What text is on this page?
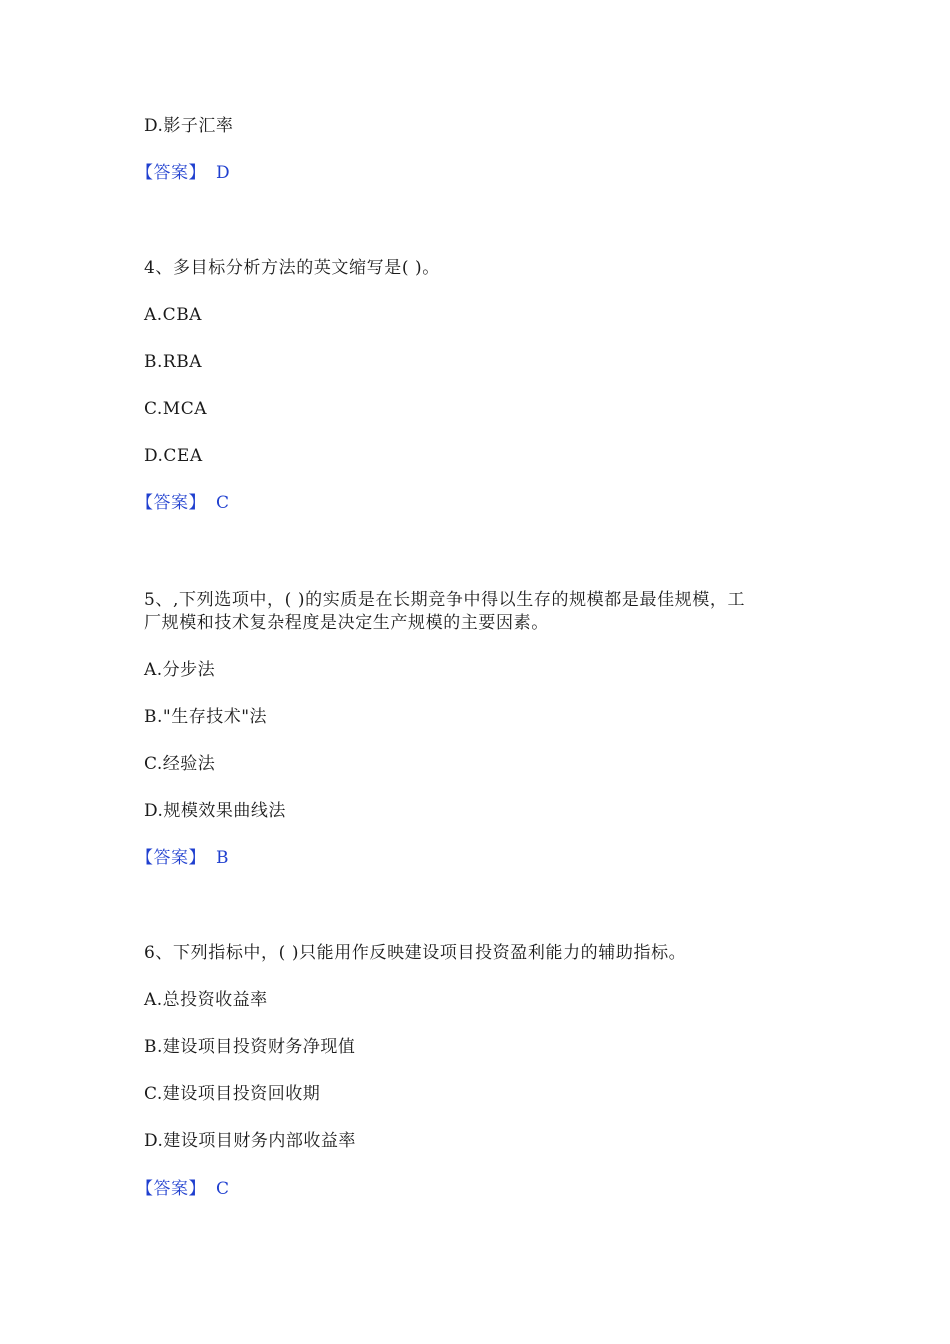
D.影子汇率
【答案】 D
4、多目标分析方法的英文缩写是( )。
A.CBA
B.RBA
C.MCA
D.CEA
【答案】 C
5、,下列选项中，( )的实质是在长期竞争中得以生存的规模都是最佳规模，工
厂规模和技术复杂程度是决定生产规模的主要因素。
A.分步法
B."生存技术"法
C.经验法
D.规模效果曲线法
【答案】 B
6、下列指标中，( )只能用作反映建设项目投资盈利能力的辅助指标。
A.总投资收益率
B.建设项目投资财务净现值
C.建设项目投资回收期
D.建设项目财务内部收益率
【答案】 C
